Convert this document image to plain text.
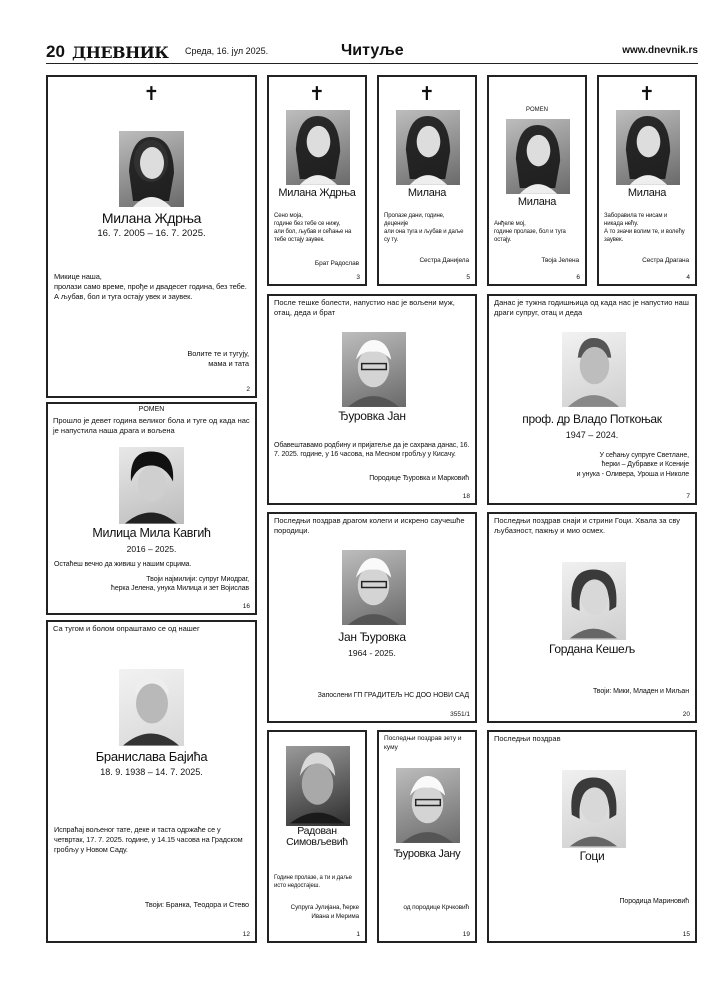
20 ДНЕВНИК Среда, 16. јул 2025.	Читуље	www.dnevnik.rs
✝
Милана Ждрња
16. 7. 2005 – 16. 7. 2025.
Микице наша,
пролази само време, прође и двадесет година, без тебе.
А љубав, бол и туга остају увек и заувек.
Волите те и тугују,
мама и тата
2
✝
Милана Ждрња
Сено моја,
године без тебе се нижу,
али бол, љубав и сећање на
тебе остају заувек.
Брат Радослав
3
✝
Милана
Пролазе дани, године,
деценије
али она туга и љубав и даље
су ту.
Сестра Данијела
5
POMEN
Милана
Анђеле мој,
године пролазе, бол и туга
остају.
Твоја Јелена
6
✝
Милана
Заборавила те нисам и
никада нећу.
А то значи волим те, и волећу
заувек.
Сестра Драгана
4
После тешке болести, напустио нас је вољени муж, отац, деда и брат
Ђуровка Јан
Обавештавамо родбину и пријатеље да је сахрана данас, 16. 7. 2025. године, у 16 часова, на Месном гробљу у Кисачу.
Породице Ђуровка и Марковић
18
Данас је тужна годишњица од када нас је напустио наш драги супруг, отац и деда
проф. др Владо Поткоњак
1947 – 2024.
У сећању супруге Светлане,
ћерки – Дубравке и Ксеније
и унука - Оливера, Уроша и Николе
7
POMEN
Прошло је девет година великог бола и туге од када нас је напустила наша драга и вољена
Милица Мила Кавгић
2016 – 2025.
Остаћеш вечно да живиш у нашим срцима.
Твоји најмилији: супруг Миодраг,
ћерка Јелена, унука Милица и зет Војислав
16
Последњи поздрав драгом колеги и искрено саучешће породици.
Јан Ђуровка
1964 - 2025.
Запослени ГП ГРАДИТЕЉ НС ДОО НОВИ САД
3551/1
Последњи поздрав снаји и стрини Гоци. Хвала за сву љубазност, пажњу и мио осмех.
Гордана Кешељ
Твоји: Мики, Младен и Миљан
20
Са тугом и болом опраштамо се од нашег
Бранислава Бајића
18. 9. 1938 – 14. 7. 2025.
Испраћај вољеног тате, деке и таста одржаће се у четвртак, 17. 7. 2025. године, у 14.15 часова на Градском гробљу у Новом Саду.
Твоји: Бранка, Теодора и Стево
12
Радован
Симовљевић
Године пролазе, а ти и даље
исто недостајеш.
Супруга Јулијана, ћерке
Ивана и Мерима
1
Последњи поздрав зету и куму
Ђуровка Јану
од породице Крчковић
19
Последњи поздрав
Гоци
Породица Мариновић
15
